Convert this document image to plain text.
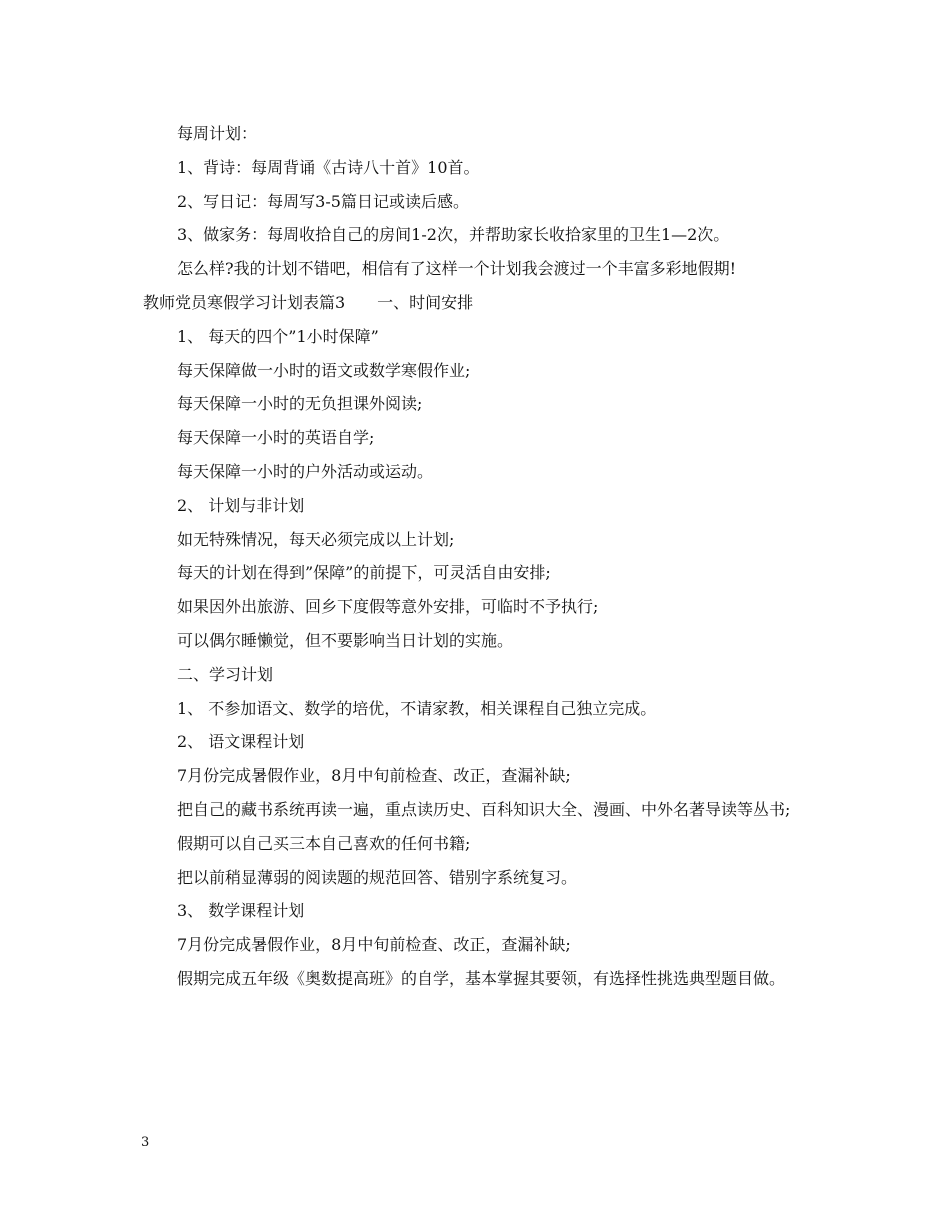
每周计划：

1、背诗：每周背诵《古诗八十首》10首。

2、写日记：每周写3-5篇日记或读后感。

3、做家务：每周收拾自己的房间1-2次，并帮助家长收拾家里的卫生1—2次。

怎么样?我的计划不错吧，相信有了这样一个计划我会渡过一个丰富多彩地假期!

教师党员寒假学习计划表篇3　　一、时间安排

1、 每天的四个”1小时保障”

每天保障做一小时的语文或数学寒假作业;

每天保障一小时的无负担课外阅读;

每天保障一小时的英语自学;

每天保障一小时的户外活动或运动。

2、 计划与非计划

如无特殊情况，每天必须完成以上计划;

每天的计划在得到”保障”的前提下，可灵活自由安排;

如果因外出旅游、回乡下度假等意外安排，可临时不予执行;

可以偶尔睡懒觉，但不要影响当日计划的实施。

二、学习计划

1、 不参加语文、数学的培优，不请家教，相关课程自己独立完成。

2、 语文课程计划

7月份完成暑假作业，8月中旬前检查、改正，查漏补缺;

把自己的藏书系统再读一遍，重点读历史、百科知识大全、漫画、中外名著导读等丛书;

假期可以自己买三本自己喜欢的任何书籍;

把以前稍显薄弱的阅读题的规范回答、错别字系统复习。

3、 数学课程计划

7月份完成暑假作业，8月中旬前检查、改正，查漏补缺;

假期完成五年级《奥数提高班》的自学，基本掌握其要领，有选择性挑选典型题目做。

3
